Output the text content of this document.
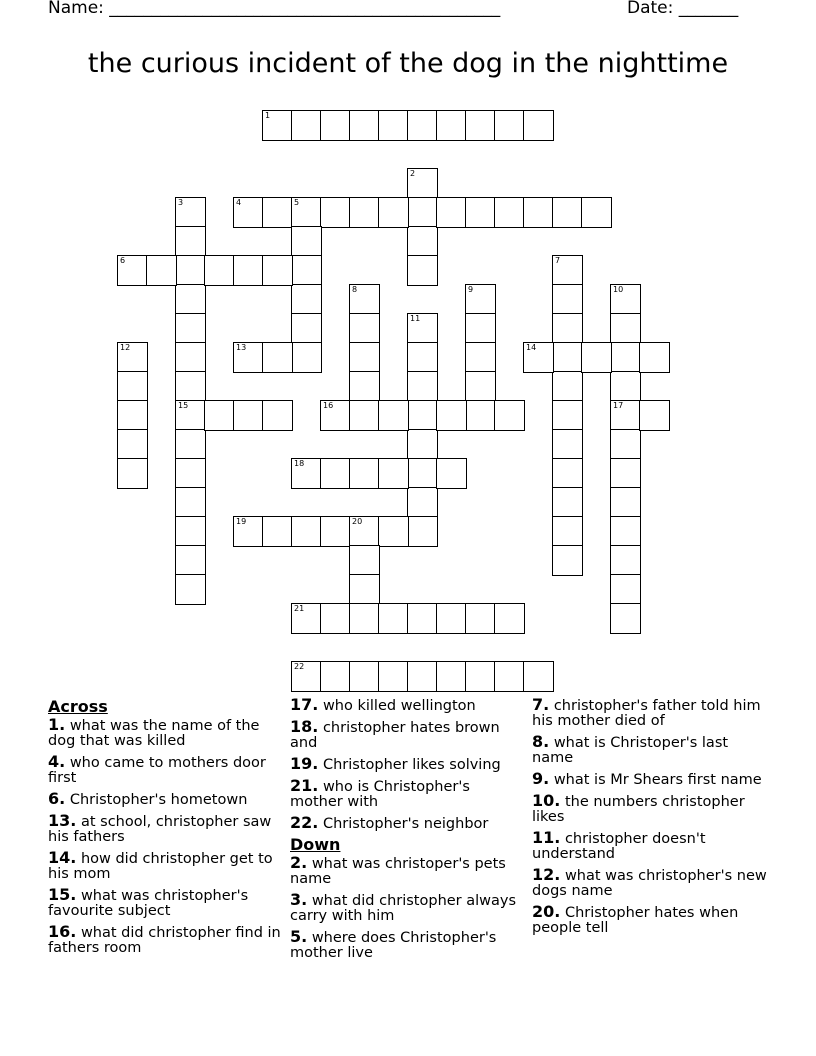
Name: ______________________________________________	Date: _______
the curious incident of the dog in the nighttime
1
2
3
15
4	5
6	7
8	9	10
17
11
12	13	14
16
18
19	20
21
22
Across
1. what was the name of the dog that was killed
4. who came to mothers door first
6. Christopher's hometown
13. at school, christopher saw his fathers
14. how did christopher get to his mom
15. what was christopher's favourite subject
16. what did christopher find in fathers room
17. who killed wellington
18. christopher hates brown and
19. Christopher likes solving
21. who is Christopher's mother with
22. Christopher's neighbor
Down
2. what was christoper's pets name
3. what did christopher always carry with him
5. where does Christopher's mother live
7. christopher's father told him his mother died of
8. what is Christoper's last name
9. what is Mr Shears first name
10. the numbers christopher likes
11. christopher doesn't understand
12. what was christopher's new dogs name
20. Christopher hates when people tell
